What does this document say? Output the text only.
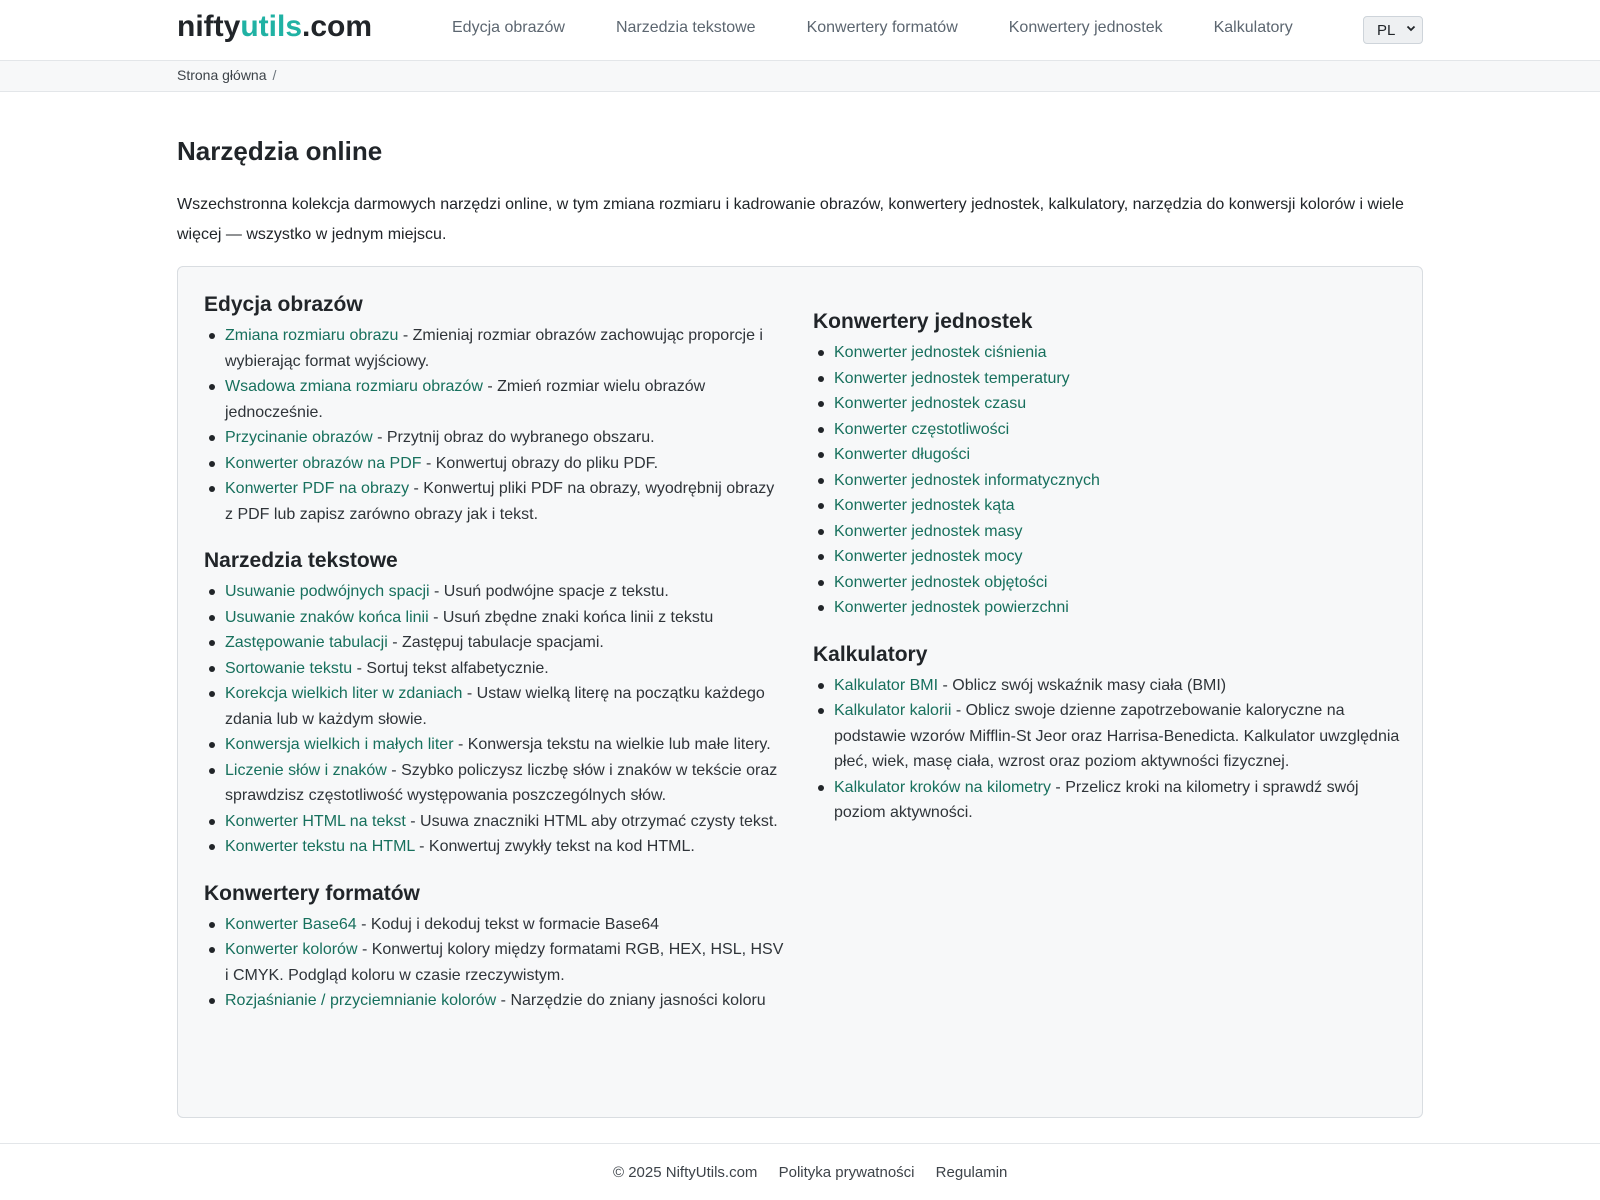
niftyutils.com	Edycja obrazów	Narzedzia tekstowe	Konwertery formatów	Konwertery jednostek	Kalkulatory	PL
Strona główna /
Narzędzia online

Wszechstronna kolekcja darmowych narzędzi online, w tym zmiana rozmiaru i kadrowanie obrazów, konwertery jednostek, kalkulatory, narzędzia do konwersji kolorów i wiele więcej — wszystko w jednym miejscu.

Edycja obrazów
Zmiana rozmiaru obrazu - Zmieniaj rozmiar obrazów zachowując proporcje i wybierając format wyjściowy.
Wsadowa zmiana rozmiaru obrazów - Zmień rozmiar wielu obrazów jednocześnie.
Przycinanie obrazów - Przytnij obraz do wybranego obszaru.
Konwerter obrazów na PDF - Konwertuj obrazy do pliku PDF.
Konwerter PDF na obrazy - Konwertuj pliki PDF na obrazy, wyodrębnij obrazy z PDF lub zapisz zarówno obrazy jak i tekst.
Narzedzia tekstowe
Usuwanie podwójnych spacji - Usuń podwójne spacje z tekstu.
Usuwanie znaków końca linii - Usuń zbędne znaki końca linii z tekstu
Zastępowanie tabulacji - Zastępuj tabulacje spacjami.
Sortowanie tekstu - Sortuj tekst alfabetycznie.
Korekcja wielkich liter w zdaniach - Ustaw wielką literę na początku każdego zdania lub w każdym słowie.
Konwersja wielkich i małych liter - Konwersja tekstu na wielkie lub małe litery.
Liczenie słów i znaków - Szybko policzysz liczbę słów i znaków w tekście oraz sprawdzisz częstotliwość występowania poszczególnych słów.
Konwerter HTML na tekst - Usuwa znaczniki HTML aby otrzymać czysty tekst.
Konwerter tekstu na HTML - Konwertuj zwykły tekst na kod HTML.
Konwertery formatów
Konwerter Base64 - Koduj i dekoduj tekst w formacie Base64
Konwerter kolorów - Konwertuj kolory między formatami RGB, HEX, HSL, HSV i CMYK. Podgląd koloru w czasie rzeczywistym.
Rozjaśnianie / przyciemnianie kolorów - Narzędzie do zniany jasności koloru
Konwertery jednostek
Konwerter jednostek ciśnienia
Konwerter jednostek temperatury
Konwerter jednostek czasu
Konwerter częstotliwości
Konwerter długości
Konwerter jednostek informatycznych
Konwerter jednostek kąta
Konwerter jednostek masy
Konwerter jednostek mocy
Konwerter jednostek objętości
Konwerter jednostek powierzchni
Kalkulatory
Kalkulator BMI - Oblicz swój wskaźnik masy ciała (BMI)
Kalkulator kalorii - Oblicz swoje dzienne zapotrzebowanie kaloryczne na podstawie wzorów Mifflin-St Jeor oraz Harrisa-Benedicta. Kalkulator uwzględnia płeć, wiek, masę ciała, wzrost oraz poziom aktywności fizycznej.
Kalkulator kroków na kilometry - Przelicz kroki na kilometry i sprawdź swój poziom aktywności.
© 2025 NiftyUtils.com Polityka prywatności Regulamin
